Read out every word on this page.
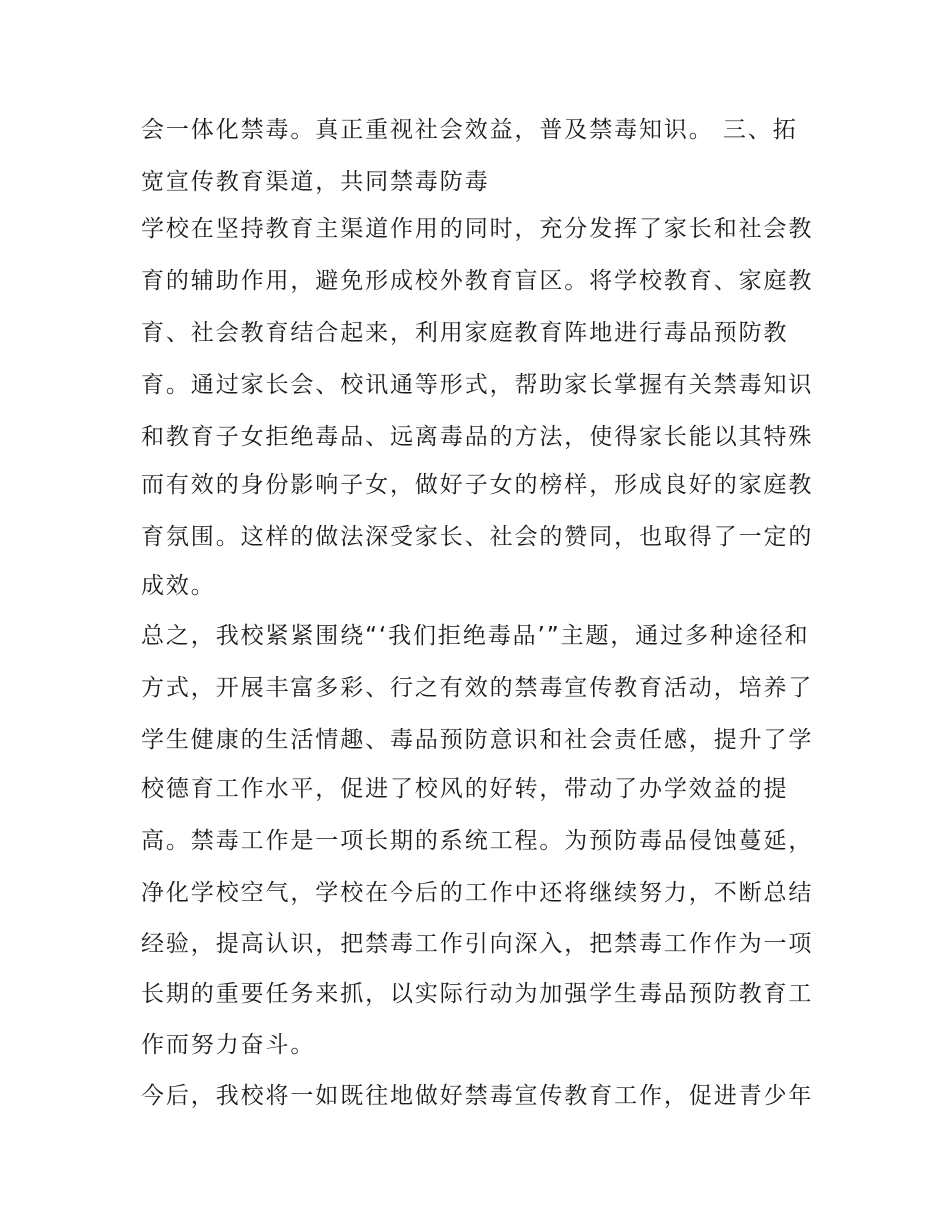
会一体化禁毒。真正重视社会效益，普及禁毒知识。 三、拓
宽宣传教育渠道，共同禁毒防毒
学校在坚持教育主渠道作用的同时，充分发挥了家长和社会教
育的辅助作用，避免形成校外教育盲区。将学校教育、家庭教
育、社会教育结合起来，利用家庭教育阵地进行毒品预防教
育。通过家长会、校讯通等形式，帮助家长掌握有关禁毒知识
和教育子女拒绝毒品、远离毒品的方法，使得家长能以其特殊
而有效的身份影响子女，做好子女的榜样，形成良好的家庭教
育氛围。这样的做法深受家长、社会的赞同，也取得了一定的
成效。
总之，我校紧紧围绕“‘我们拒绝毒品’”主题，通过多种途径和
方式，开展丰富多彩、行之有效的禁毒宣传教育活动，培养了
学生健康的生活情趣、毒品预防意识和社会责任感，提升了学
校德育工作水平，促进了校风的好转，带动了办学效益的提
高。禁毒工作是一项长期的系统工程。为预防毒品侵蚀蔓延，
净化学校空气，学校在今后的工作中还将继续努力，不断总结
经验，提高认识，把禁毒工作引向深入，把禁毒工作作为一项
长期的重要任务来抓，以实际行动为加强学生毒品预防教育工
作而努力奋斗。
今后，我校将一如既往地做好禁毒宣传教育工作，促进青少年
